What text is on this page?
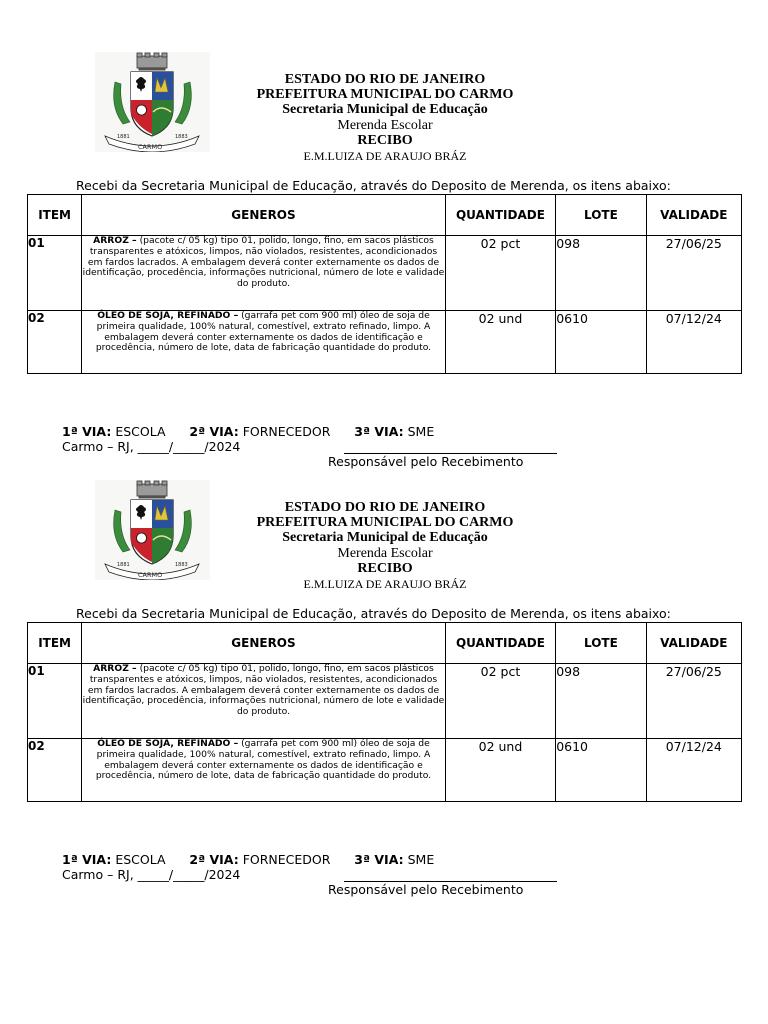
1881	1883
CARMO
ESTADO DO RIO DE JANEIRO
PREFEITURA MUNICIPAL DO CARMO
Secretaria Municipal de Educação
Merenda Escolar
RECIBO
E.M.LUIZA DE ARAUJO BRÁZ
Recebi da Secretaria Municipal de Educação, através do Deposito de Merenda, os itens abaixo:
ITEM	GENEROS	QUANTIDADE	LOTE	VALIDADE
01	ARROZ – (pacote c/ 05 kg) tipo 01, polido, longo, fino, em sacos plásticos transparentes e atóxicos, limpos, não violados, resistentes, acondicionados em fardos lacrados. A embalagem deverá conter externamente os dados de identificação, procedência, informações nutricional, número de lote e validade do produto.	02 pct	098	27/06/25
02	ÓLEO DE SOJA, REFINADO – (garrafa pet com 900 ml) óleo de soja de primeira qualidade, 100% natural, comestível, extrato refinado, limpo. A embalagem deverá conter externamente os dados de identificação e procedência, número de lote, data de fabricação quantidade do produto.	02 und	0610	07/12/24
1ª VIA: ESCOLA 2ª VIA: FORNECEDOR 3ª VIA: SME
Carmo – RJ, _____/_____/2024
Responsável pelo Recebimento
1881	1883
CARMO
ESTADO DO RIO DE JANEIRO
PREFEITURA MUNICIPAL DO CARMO
Secretaria Municipal de Educação
Merenda Escolar
RECIBO
E.M.LUIZA DE ARAUJO BRÁZ
Recebi da Secretaria Municipal de Educação, através do Deposito de Merenda, os itens abaixo:
ITEM	GENEROS	QUANTIDADE	LOTE	VALIDADE
01	ARROZ – (pacote c/ 05 kg) tipo 01, polido, longo, fino, em sacos plásticos transparentes e atóxicos, limpos, não violados, resistentes, acondicionados em fardos lacrados. A embalagem deverá conter externamente os dados de identificação, procedência, informações nutricional, número de lote e validade do produto.	02 pct	098	27/06/25
02	ÓLEO DE SOJA, REFINADO – (garrafa pet com 900 ml) óleo de soja de primeira qualidade, 100% natural, comestível, extrato refinado, limpo. A embalagem deverá conter externamente os dados de identificação e procedência, número de lote, data de fabricação quantidade do produto.	02 und	0610	07/12/24
1ª VIA: ESCOLA 2ª VIA: FORNECEDOR 3ª VIA: SME
Carmo – RJ, _____/_____/2024
Responsável pelo Recebimento
